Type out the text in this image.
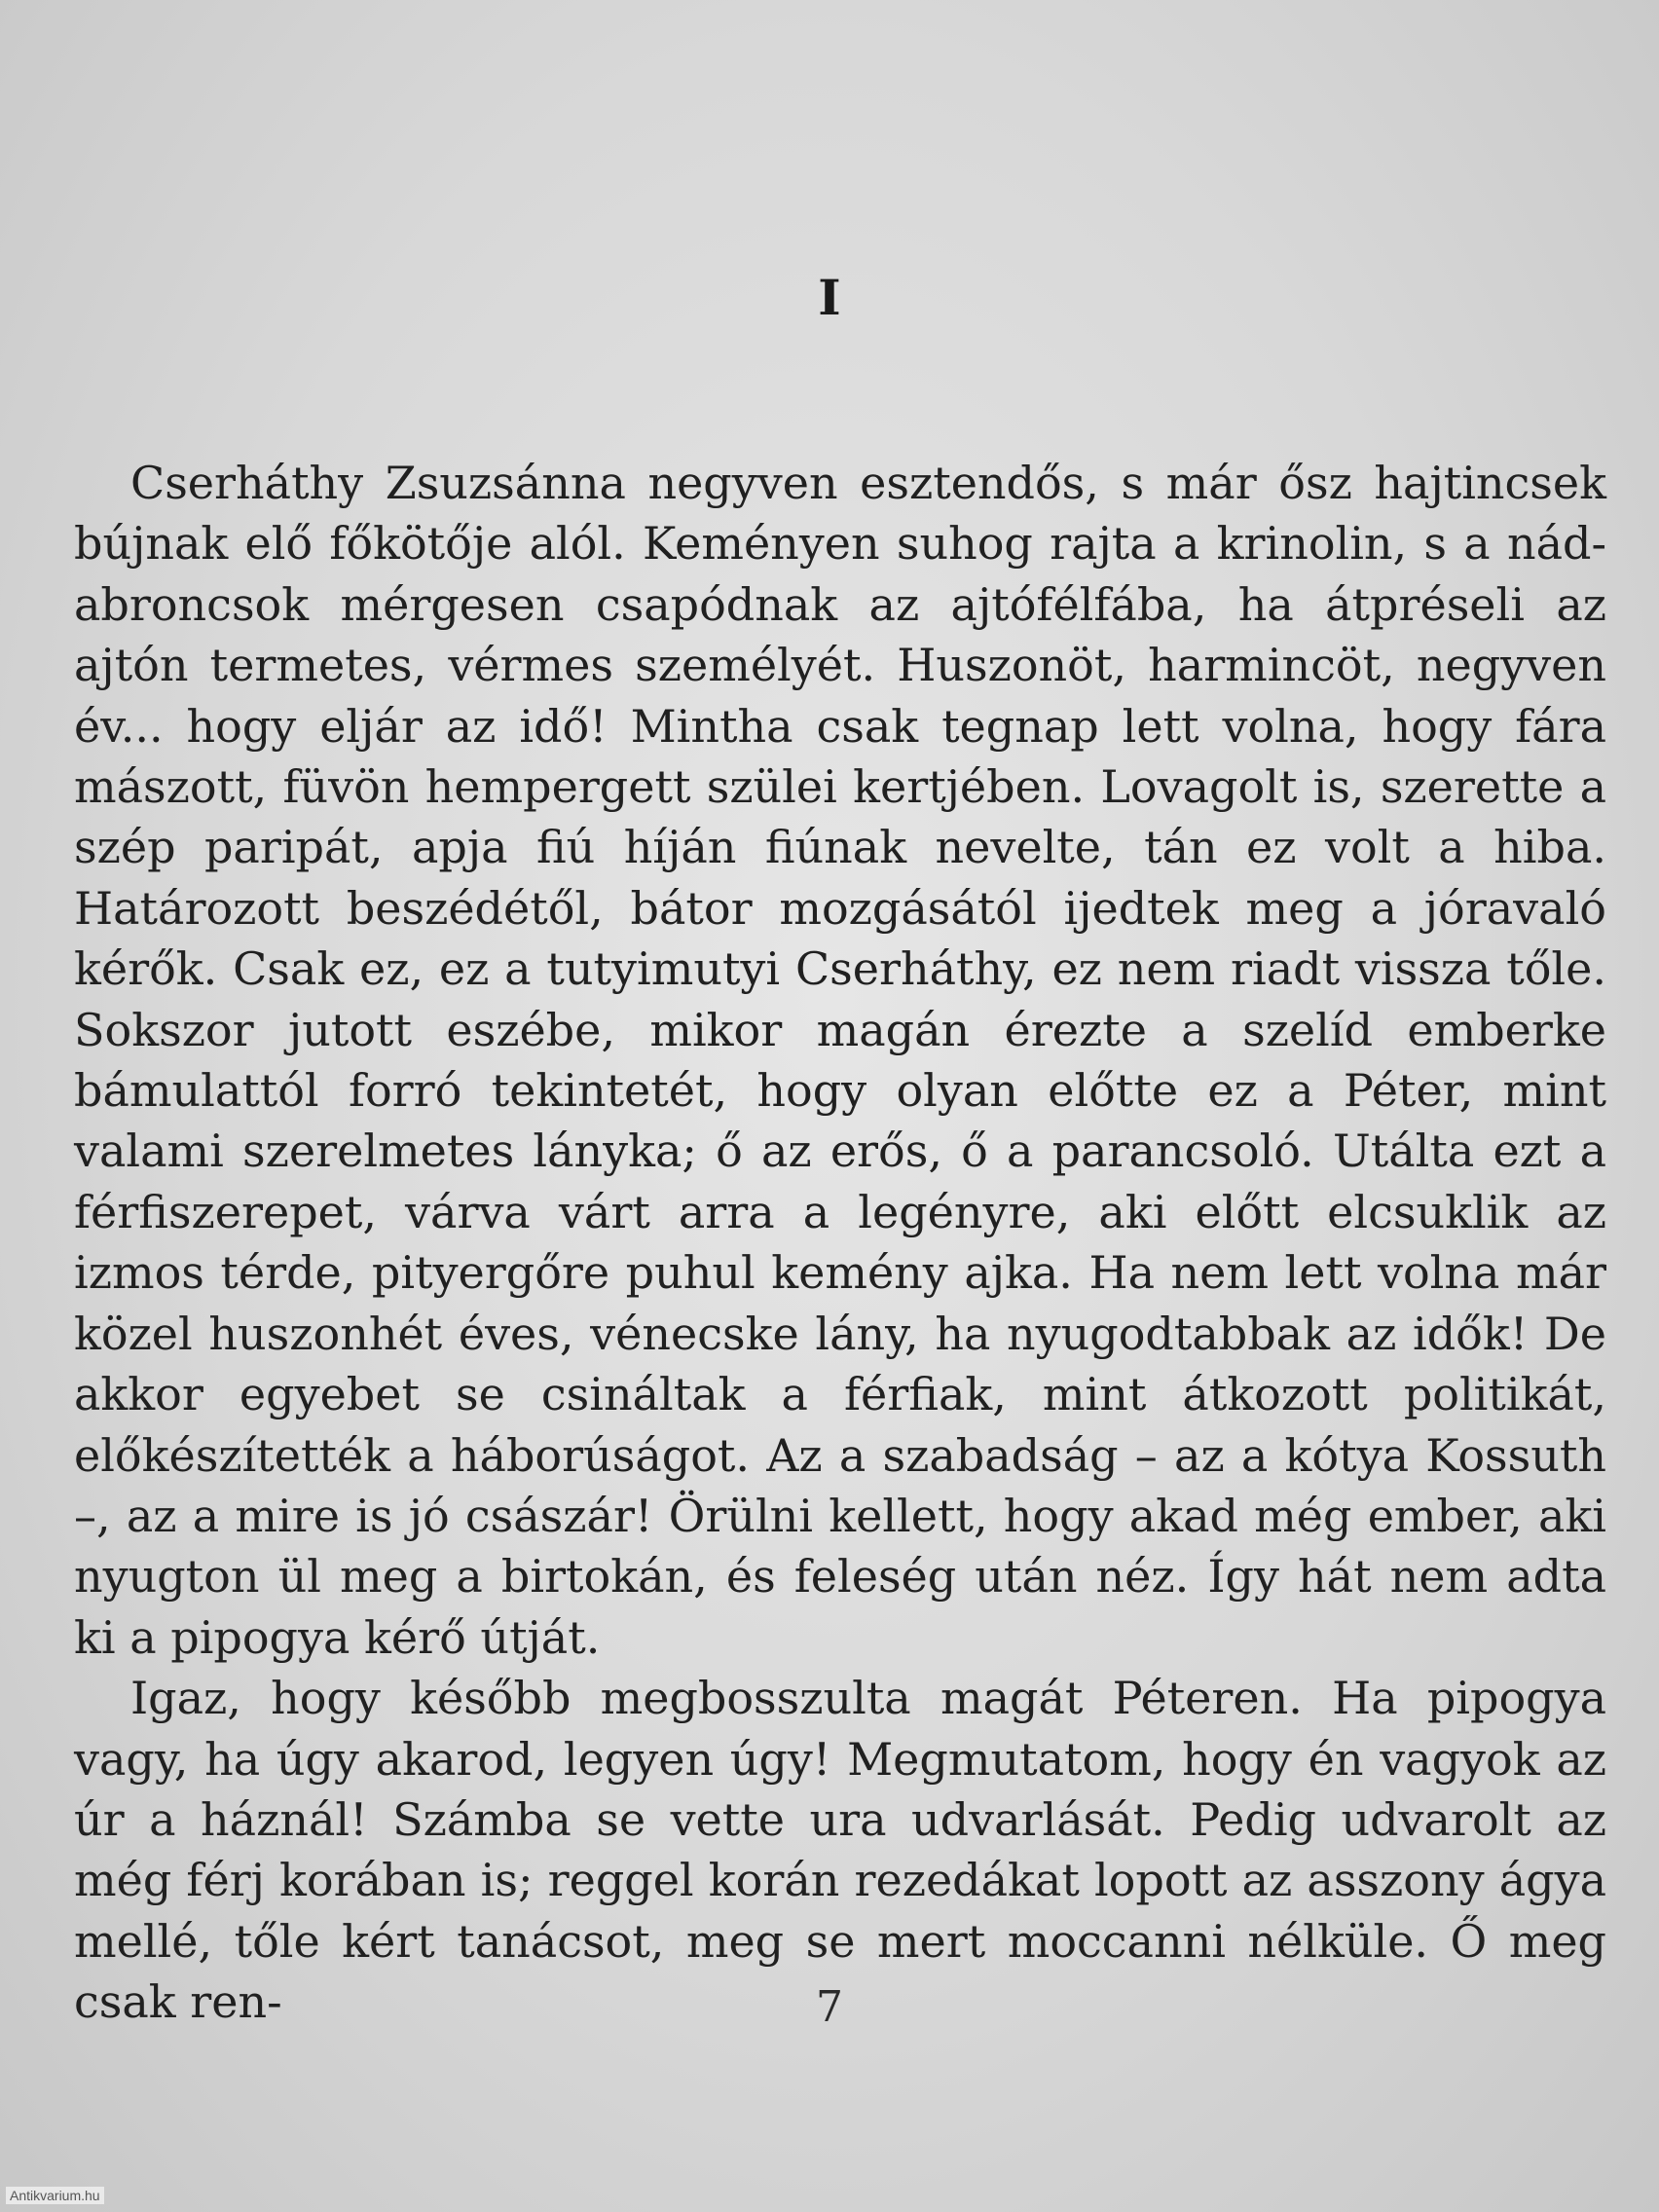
I

Cserháthy Zsuzsánna negyven esztendős, s már ősz hajtincsek bújnak elő főkötője alól. Keményen suhog rajta a krinolin, s a nádabroncsok mérgesen csapódnak az ajtófélfába, ha átpréseli az ajtón termetes, vérmes személyét. Huszonöt, harmincöt, negyven év... hogy eljár az idő! Mintha csak tegnap lett volna, hogy fára mászott, füvön hempergett szülei kertjében. Lovagolt is, szerette a szép paripát, apja fiú híján fiúnak nevelte, tán ez volt a hiba. Határozott beszédétől, bátor mozgásától ijedtek meg a jóravaló kérők. Csak ez, ez a tutyimutyi Cserháthy, ez nem riadt vissza tőle. Sokszor jutott eszébe, mikor magán érezte a szelíd emberke bámulattól forró tekintetét, hogy olyan előtte ez a Péter, mint valami szerelmetes lányka; ő az erős, ő a parancsoló. Utálta ezt a férfiszerepet, várva várt arra a legényre, aki előtt elcsuklik az izmos térde, pityergőre puhul kemény ajka. Ha nem lett volna már közel huszonhét éves, vénecske lány, ha nyugodtabbak az idők! De akkor egyebet se csináltak a férfiak, mint átkozott politikát, előkészítették a háborúságot. Az a szabadság – az a kótya Kossuth –, az a mire is jó császár! Örülni kellett, hogy akad még ember, aki nyugton ül meg a birtokán, és feleség után néz. Így hát nem adta ki a pipogya kérő útját.

Igaz, hogy később megbosszulta magát Péteren. Ha pipogya vagy, ha úgy akarod, legyen úgy! Megmutatom, hogy én vagyok az úr a háznál! Számba se vette ura udvarlását. Pedig udvarolt az még férj korában is; reggel korán rezedákat lopott az asszony ágya mellé, tőle kért tanácsot, meg se mert moccanni nélküle. Ő meg csak ren-	7
Antikvarium.hu
